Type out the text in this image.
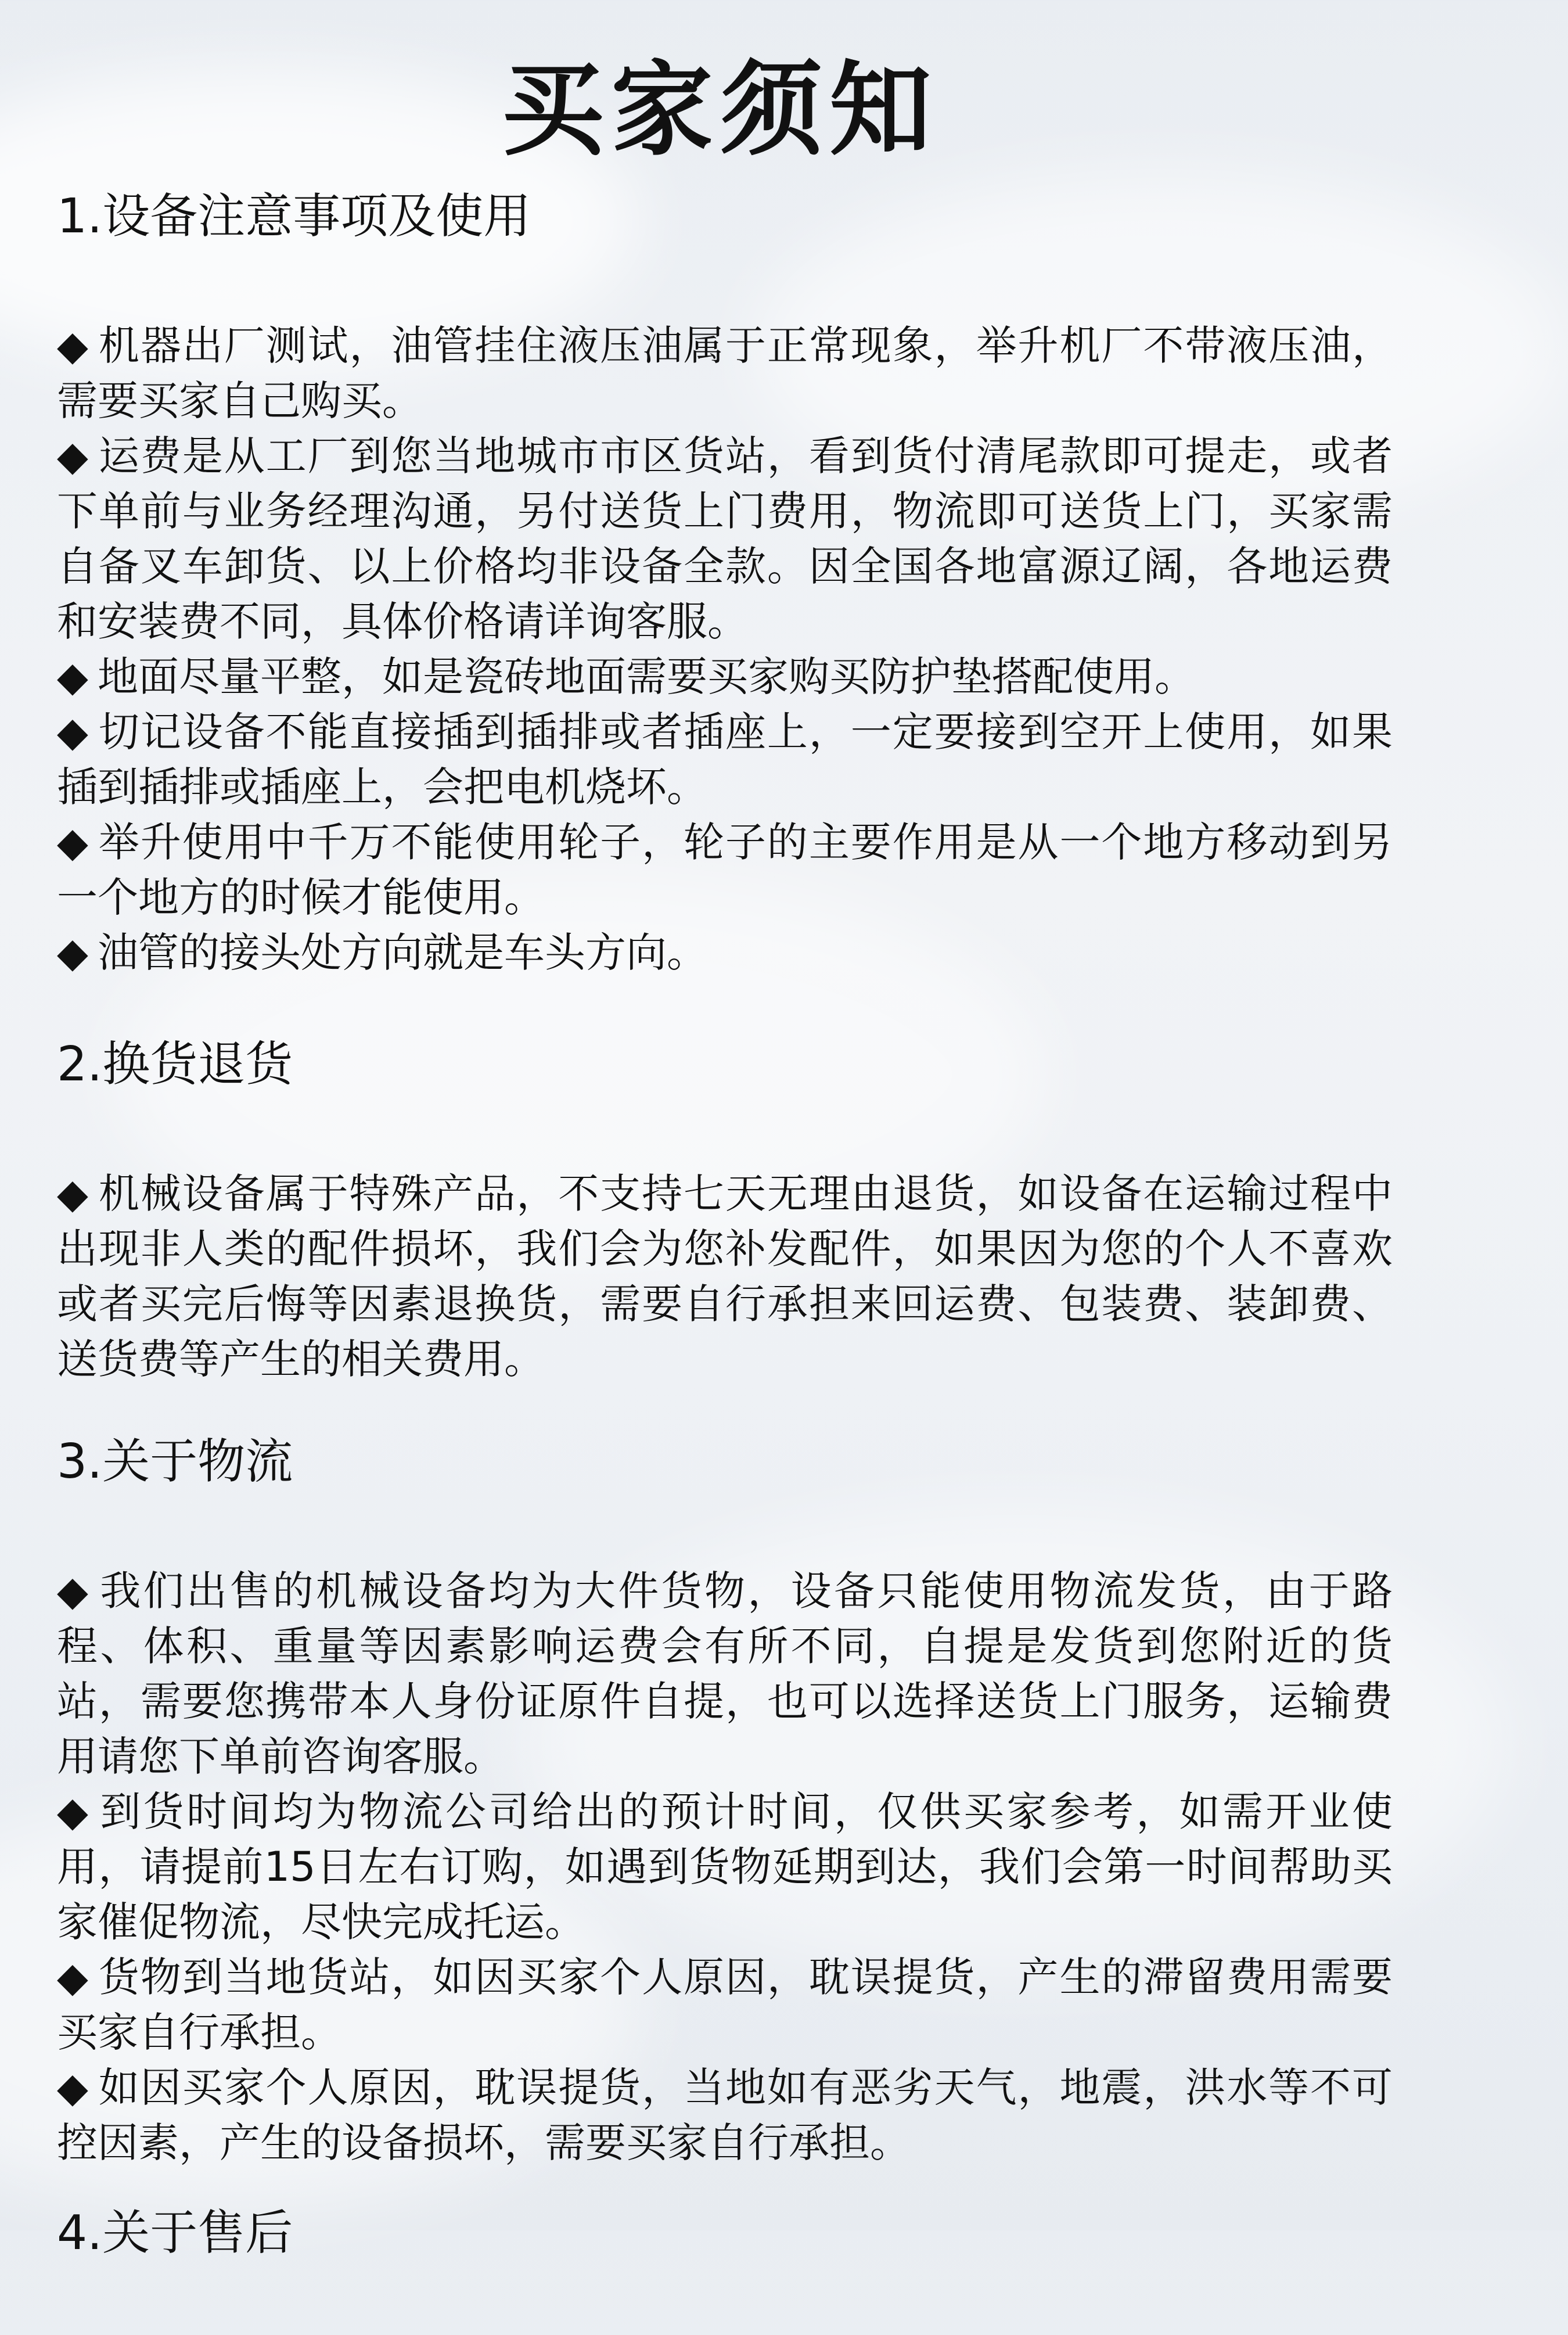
买家须知
1.设备注意事项及使用

◆ 机器出厂测试，油管挂住液压油属于正常现象，举升机厂不带液压油，需要买家自己购买。

◆ 运费是从工厂到您当地城市市区货站，看到货付清尾款即可提走，或者下单前与业务经理沟通，另付送货上门费用，物流即可送货上门，买家需自备叉车卸货、以上价格均非设备全款。因全国各地富源辽阔，各地运费和安装费不同，具体价格请详询客服。

◆ 地面尽量平整，如是瓷砖地面需要买家购买防护垫搭配使用。

◆ 切记设备不能直接插到插排或者插座上，一定要接到空开上使用，如果插到插排或插座上，会把电机烧坏。

◆ 举升使用中千万不能使用轮子，轮子的主要作用是从一个地方移动到另一个地方的时候才能使用。

◆ 油管的接头处方向就是车头方向。

2.换货退货

◆ 机械设备属于特殊产品，不支持七天无理由退货，如设备在运输过程中出现非人类的配件损坏，我们会为您补发配件，如果因为您的个人不喜欢或者买完后悔等因素退换货，需要自行承担来回运费、包装费、装卸费、送货费等产生的相关费用。

3.关于物流

◆ 我们出售的机械设备均为大件货物，设备只能使用物流发货，由于路程、体积、重量等因素影响运费会有所不同，自提是发货到您附近的货站，需要您携带本人身份证原件自提，也可以选择送货上门服务，运输费用请您下单前咨询客服。

◆ 到货时间均为物流公司给出的预计时间，仅供买家参考，如需开业使用，请提前15日左右订购，如遇到货物延期到达，我们会第一时间帮助买家催促物流，尽快完成托运。

◆ 货物到当地货站，如因买家个人原因，耽误提货，产生的滞留费用需要买家自行承担。

◆ 如因买家个人原因，耽误提货，当地如有恶劣天气，地震，洪水等不可控因素，产生的设备损坏，需要买家自行承担。

4.关于售后
